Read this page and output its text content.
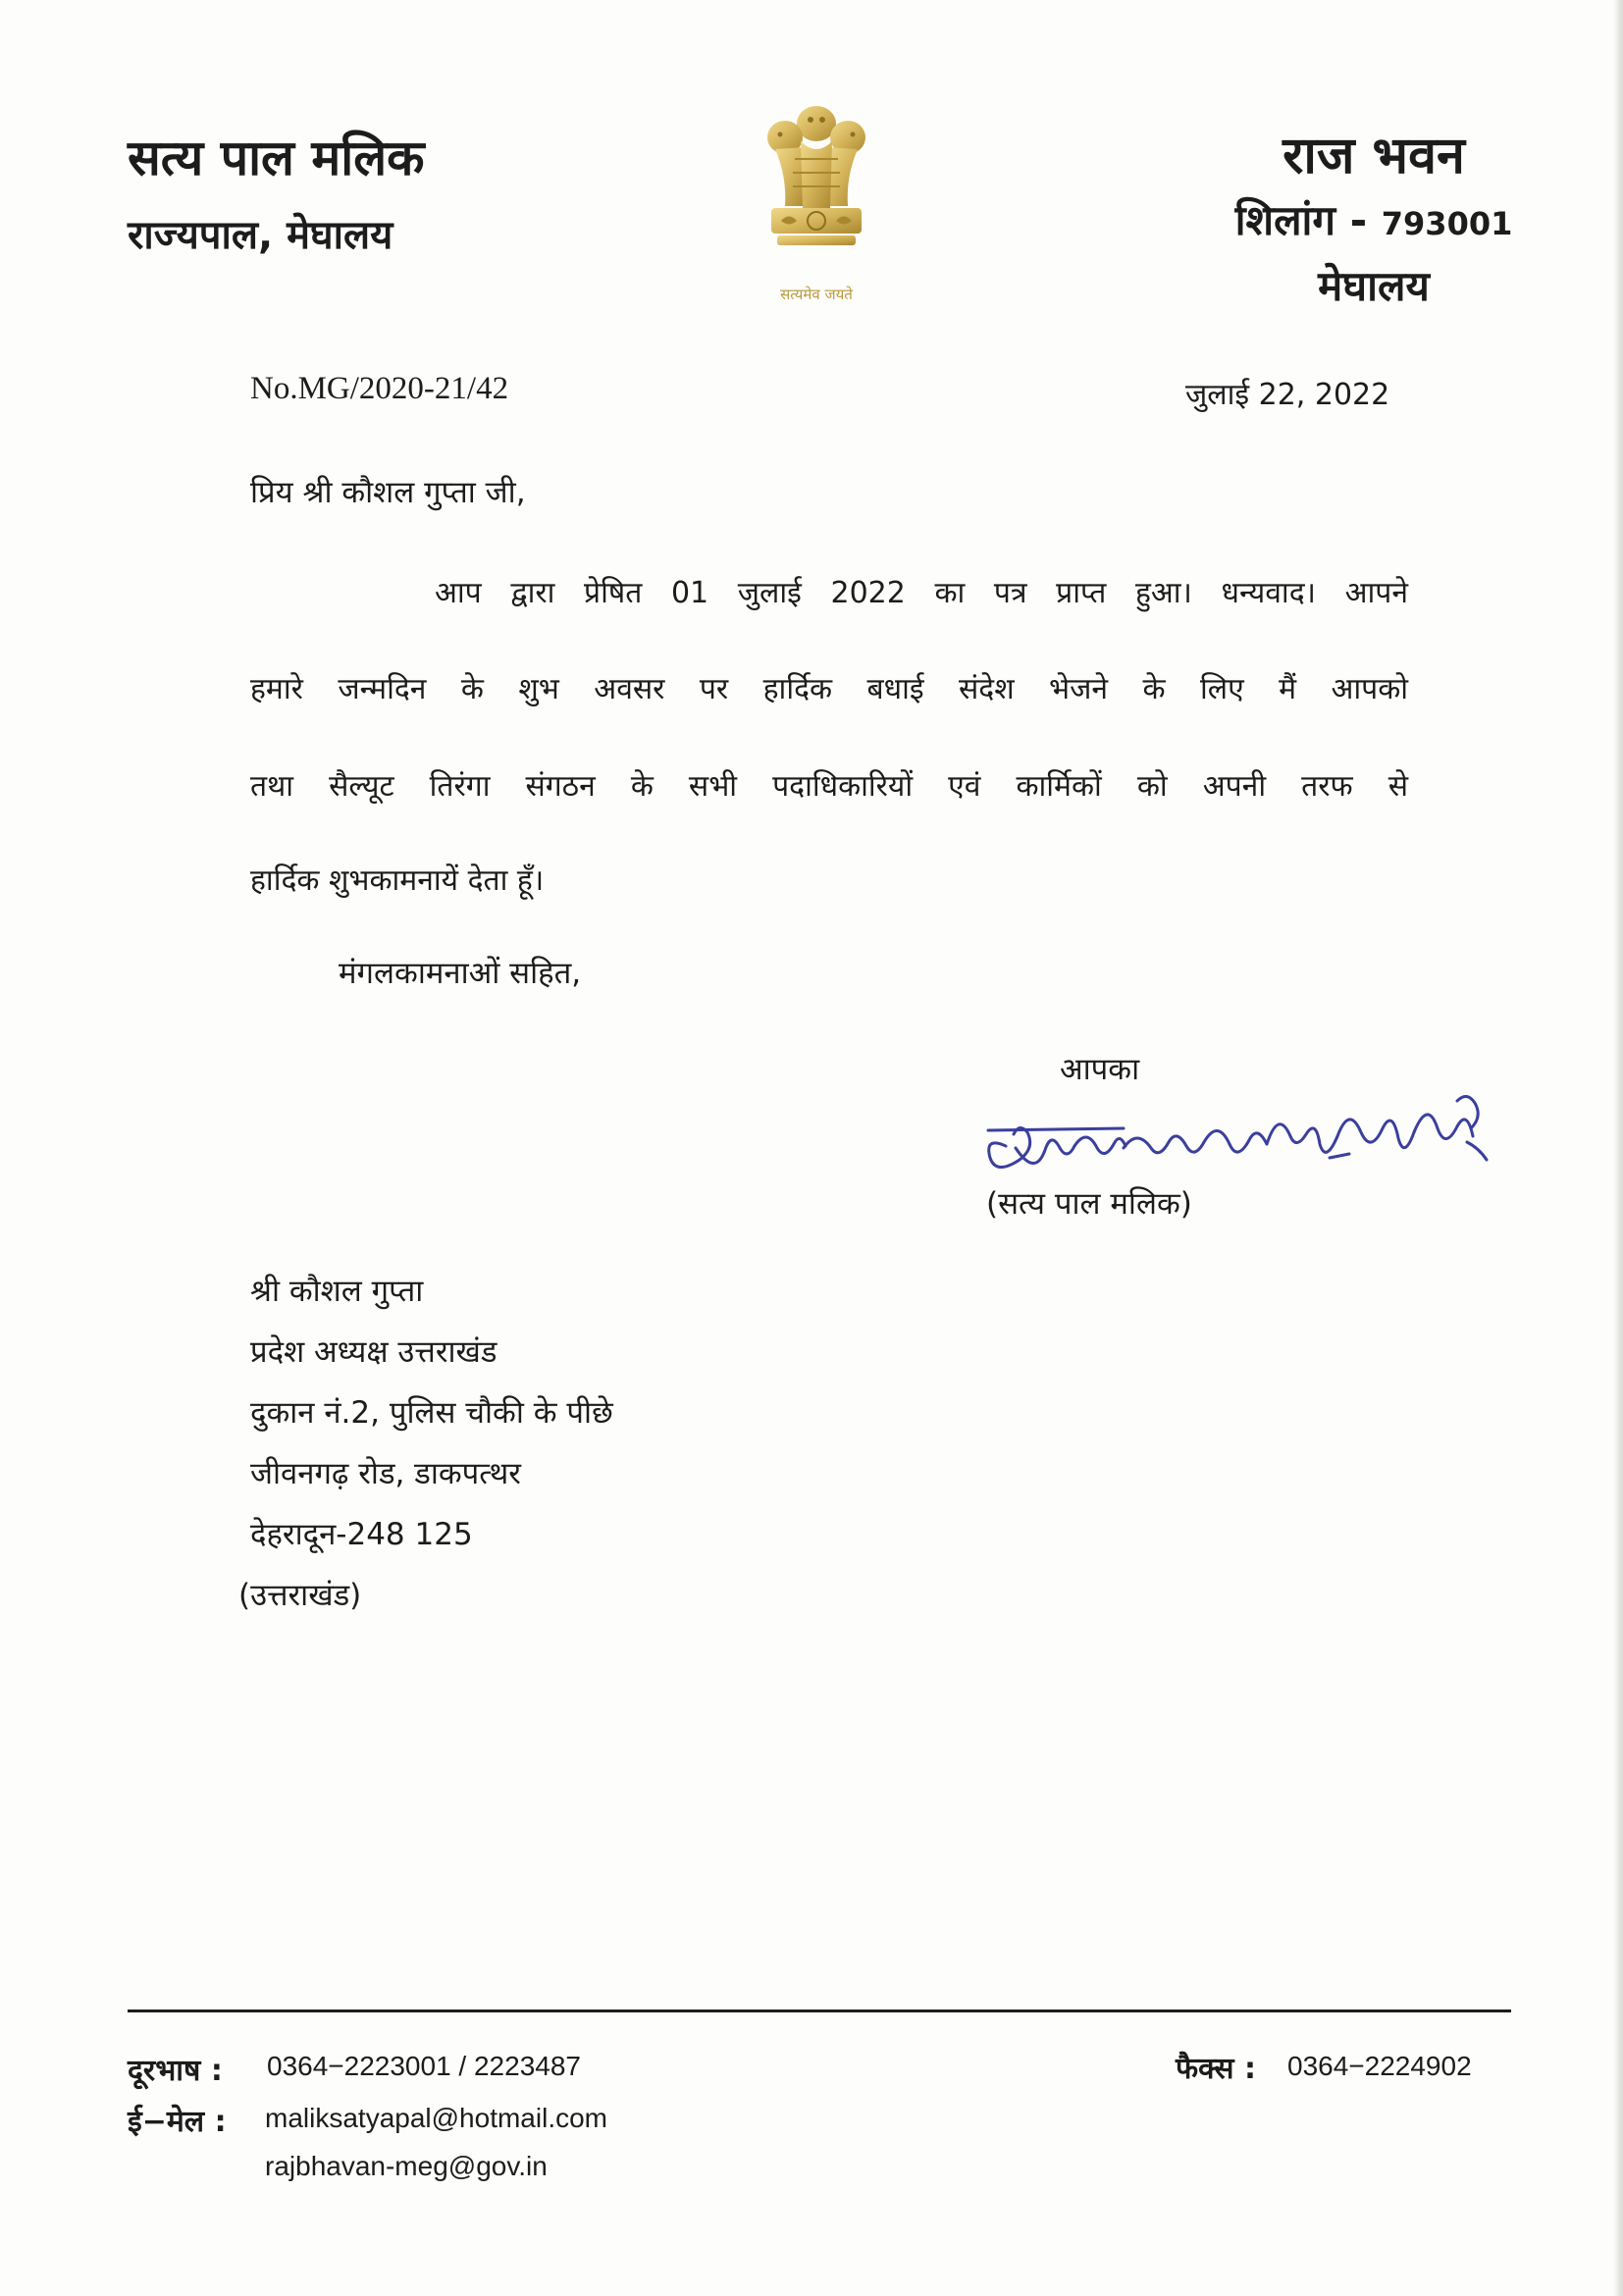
सत्य पाल मलिक
राज्यपाल, मेघालय
सत्यमेव जयते
राज भवन
शिलांग - 793001
मेघालय
No.MG/2020-21/42	जुलाई 22, 2022
प्रिय श्री कौशल गुप्ता जी,
आप द्वारा प्रेषित 01 जुलाई 2022 का पत्र प्राप्त हुआ। धन्यवाद। आपने
हमारे जन्मदिन के शुभ अवसर पर हार्दिक बधाई संदेश भेजने के लिए मैं आपको
तथा सैल्यूट तिरंगा संगठन के सभी पदाधिकारियों एवं कार्मिकों को अपनी तरफ से
हार्दिक शुभकामनायें देता हूँ।
मंगलकामनाओं सहित,
आपका
(सत्य पाल मलिक)
श्री कौशल गुप्ता
प्रदेश अध्यक्ष उत्तराखंड
दुकान नं.2, पुलिस चौकी के पीछे
जीवनगढ़ रोड, डाकपत्थर
देहरादून-248 125
(उत्तराखंड)
दूरभाष : 0364−2223001 / 2223487	फैक्स : 0364−2224902
ई−मेल : maliksatyapal@hotmail.com
rajbhavan-meg@gov.in
